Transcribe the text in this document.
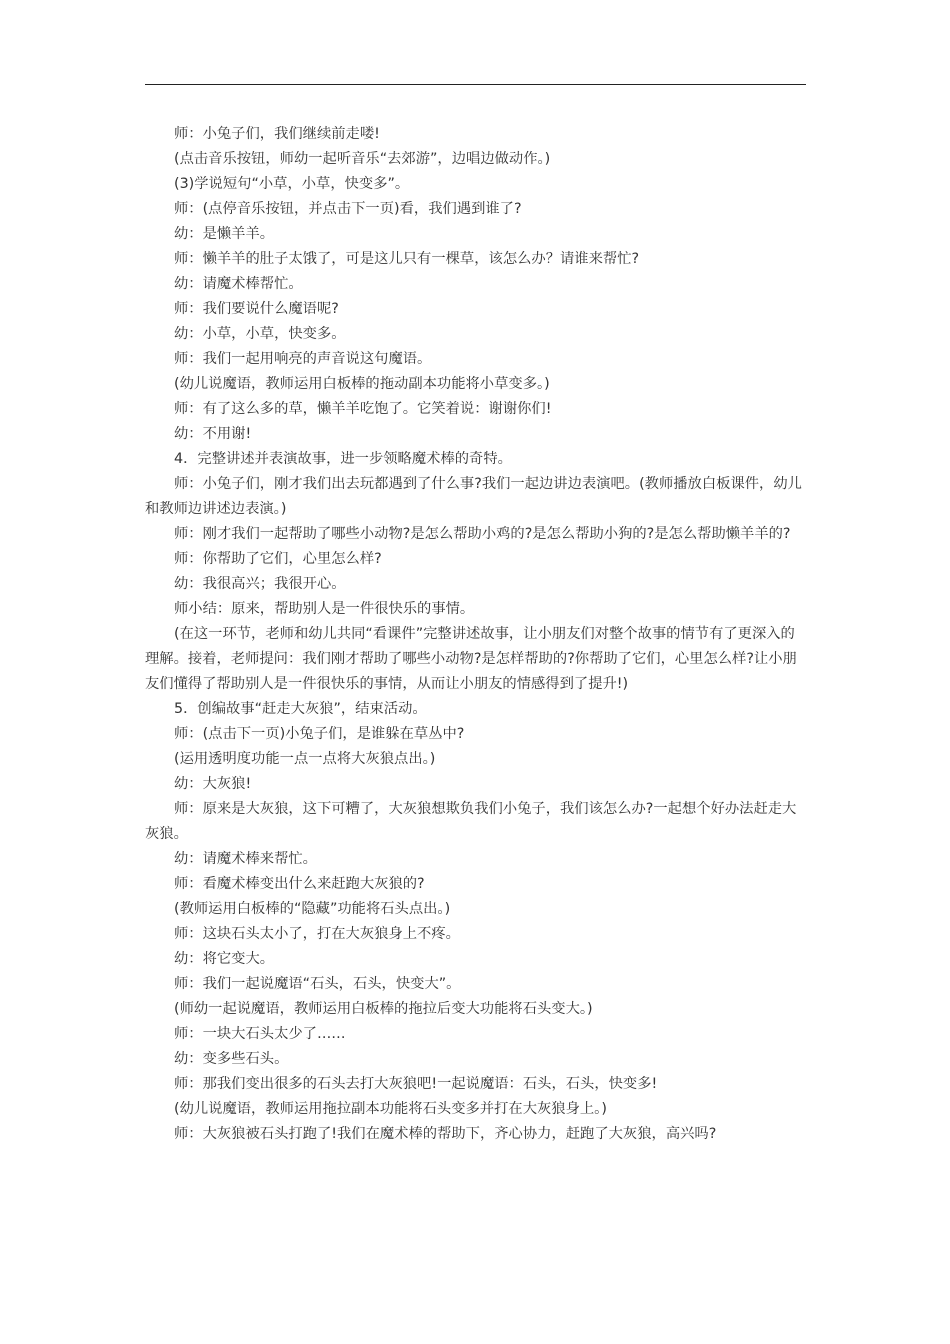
师：小兔子们，我们继续前走喽!

(点击音乐按钮，师幼一起听音乐“去郊游”，边唱边做动作。)

(3)学说短句“小草，小草，快变多”。

师：(点停音乐按钮，并点击下一页)看，我们遇到谁了?

幼：是懒羊羊。

师：懒羊羊的肚子太饿了，可是这儿只有一棵草，该怎么办？请谁来帮忙?

幼：请魔术棒帮忙。

师：我们要说什么魔语呢?

幼：小草，小草，快变多。

师：我们一起用响亮的声音说这句魔语。

(幼儿说魔语，教师运用白板棒的拖动副本功能将小草变多。)

师：有了这么多的草，懒羊羊吃饱了。它笑着说：谢谢你们!

幼：不用谢!

4．完整讲述并表演故事，进一步领略魔术棒的奇特。

师：小兔子们，刚才我们出去玩都遇到了什么事?我们一起边讲边表演吧。(教师播放白板课件，幼儿和教师边讲述边表演。)

师：刚才我们一起帮助了哪些小动物?是怎么帮助小鸡的?是怎么帮助小狗的?是怎么帮助懒羊羊的?

师：你帮助了它们，心里怎么样?

幼：我很高兴；我很开心。

师小结：原来，帮助别人是一件很快乐的事情。

(在这一环节，老师和幼儿共同“看课件”完整讲述故事，让小朋友们对整个故事的情节有了更深入的理解。接着，老师提问：我们刚才帮助了哪些小动物?是怎样帮助的?你帮助了它们，心里怎么样?让小朋友们懂得了帮助别人是一件很快乐的事情，从而让小朋友的情感得到了提升!)

5．创编故事“赶走大灰狼”，结束活动。

师：(点击下一页)小兔子们，是谁躲在草丛中?

(运用透明度功能一点一点将大灰狼点出。)

幼：大灰狼!

师：原来是大灰狼，这下可糟了，大灰狼想欺负我们小兔子，我们该怎么办?一起想个好办法赶走大灰狼。

幼：请魔术棒来帮忙。

师：看魔术棒变出什么来赶跑大灰狼的?

(教师运用白板棒的“隐藏”功能将石头点出。)

师：这块石头太小了，打在大灰狼身上不疼。

幼：将它变大。

师：我们一起说魔语“石头，石头，快变大”。

(师幼一起说魔语，教师运用白板棒的拖拉后变大功能将石头变大。)

师：一块大石头太少了……

幼：变多些石头。

师：那我们变出很多的石头去打大灰狼吧!一起说魔语：石头，石头，快变多!

(幼儿说魔语，教师运用拖拉副本功能将石头变多并打在大灰狼身上。)

师：大灰狼被石头打跑了!我们在魔术棒的帮助下，齐心协力，赶跑了大灰狼，高兴吗?
